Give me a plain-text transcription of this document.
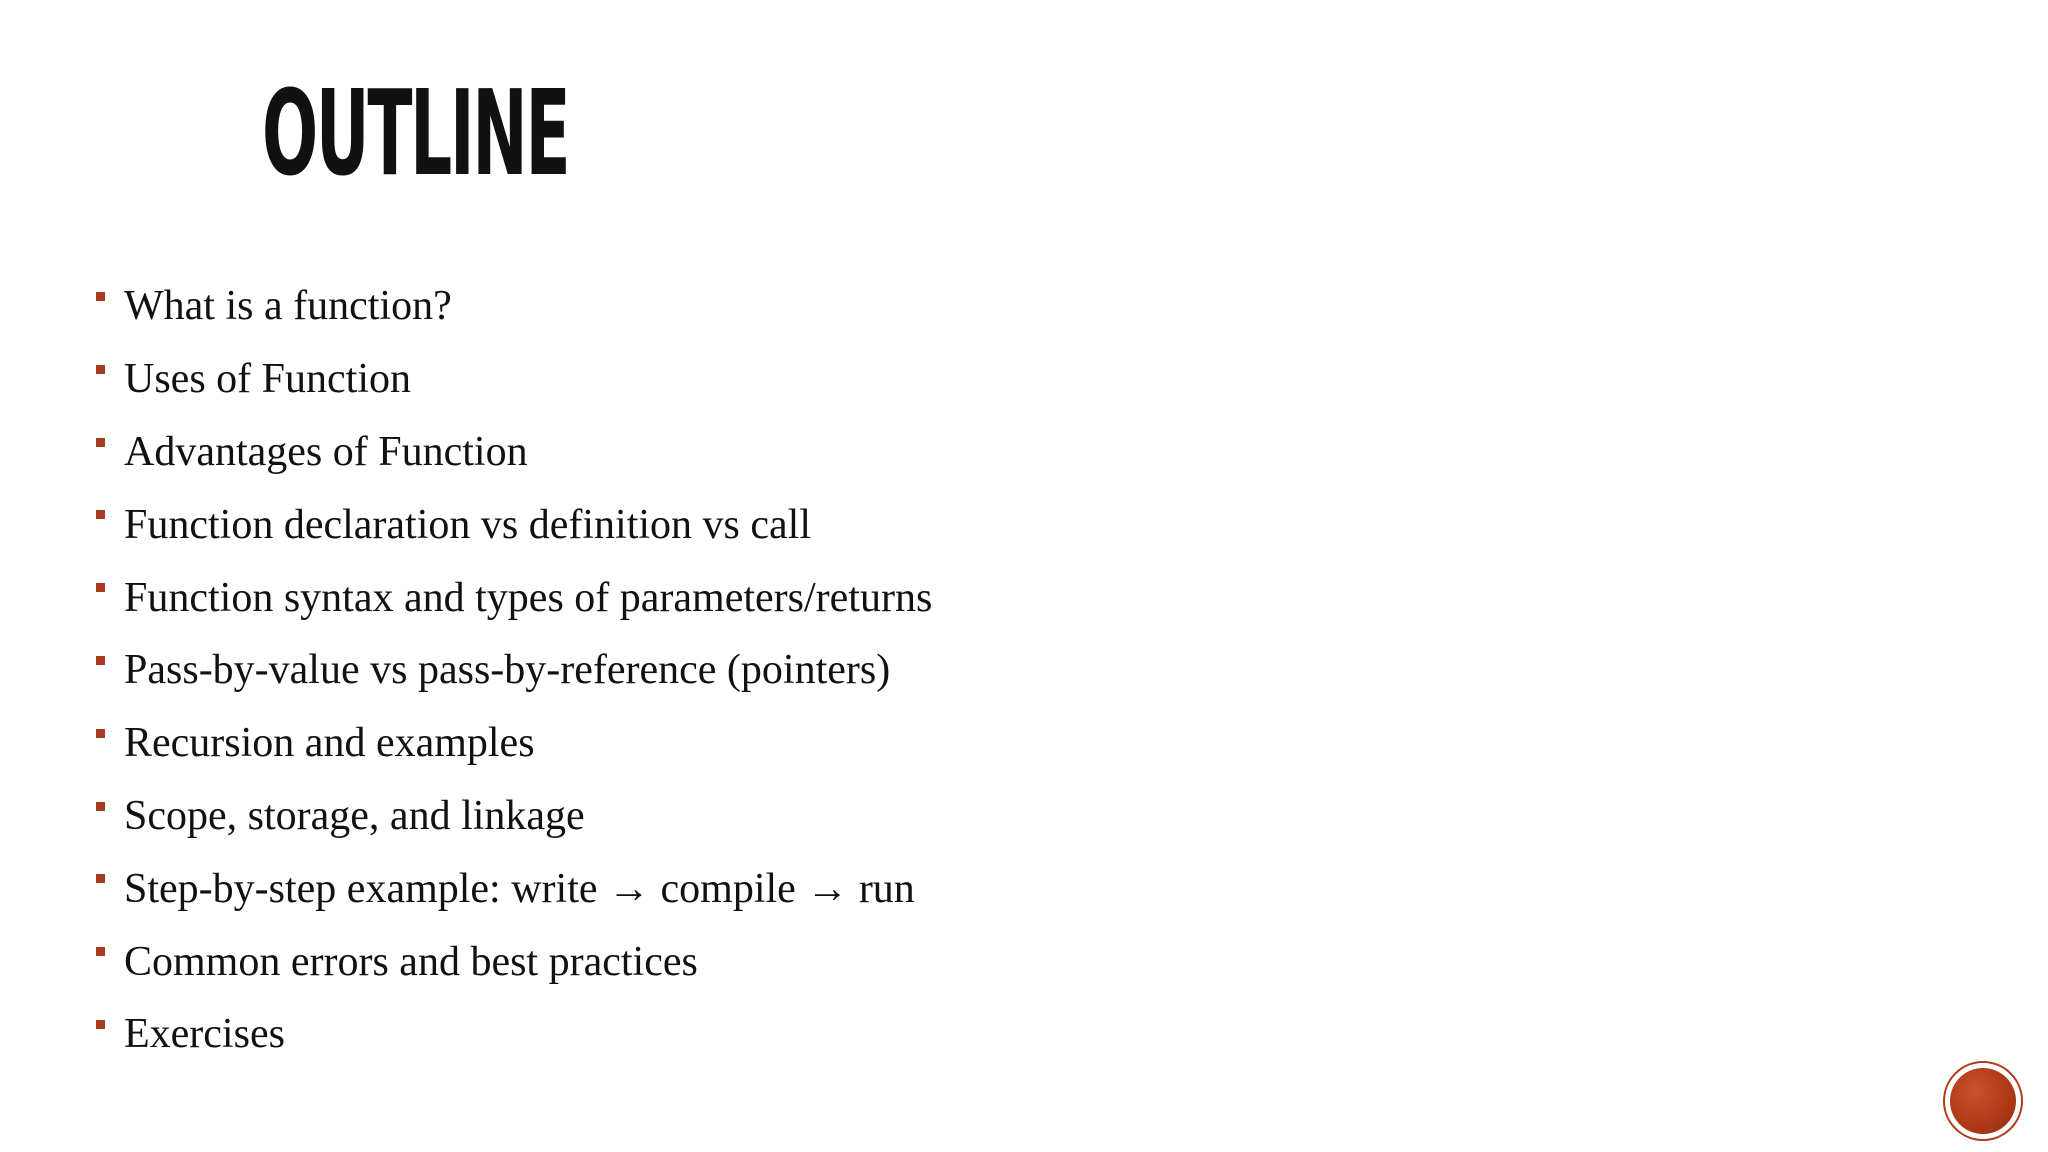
OUTLINE
What is a function?
Uses of Function
Advantages of Function
Function declaration vs definition vs call
Function syntax and types of parameters/returns
Pass-by-value vs pass-by-reference (pointers)
Recursion and examples
Scope, storage, and linkage
Step-by-step example: write → compile → run
Common errors and best practices
Exercises
